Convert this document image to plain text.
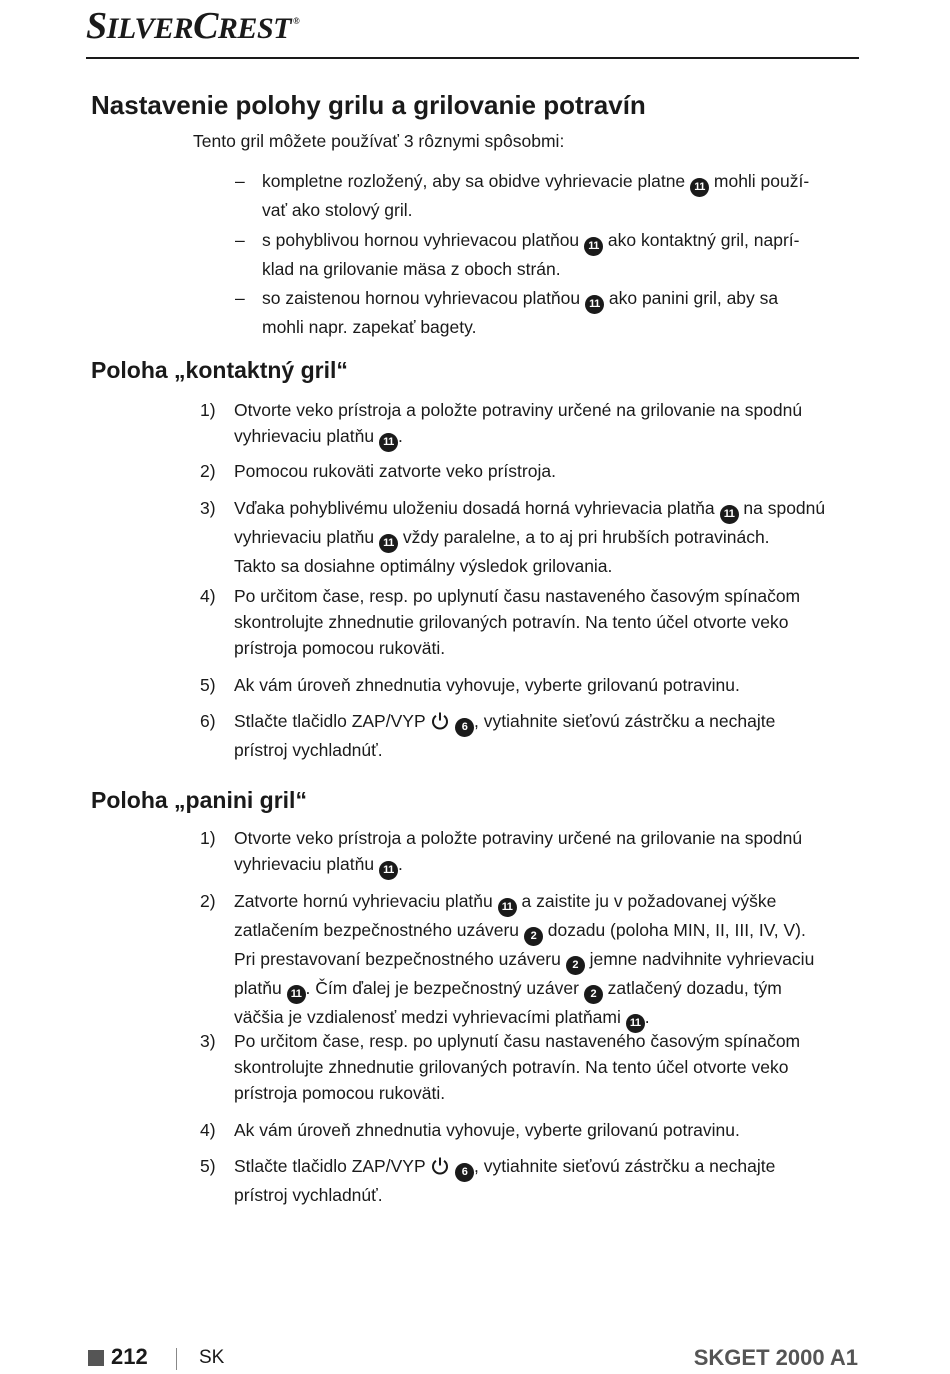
SILVERCREST ®
Nastavenie polohy grilu a grilovanie potravín
Tento gril môžete používať 3 rôznymi spôsobmi:
– kompletne rozložený, aby sa obidve vyhrievacie platne 11 mohli použí-
vať ako stolový gril.
– s pohyblivou hornou vyhrievacou platňou 11 ako kontaktný gril, naprí-
klad na grilovanie mäsa z oboch strán.
– so zaistenou hornou vyhrievacou platňou 11 ako panini gril, aby sa
mohli napr. zapekať bagety.
Poloha „kontaktný gril“
1) Otvorte veko prístroja a položte potraviny určené na grilovanie na spodnú
vyhrievaciu platňu 11 .
2) Pomocou rukoväti zatvorte veko prístroja.
3) Vďaka pohyblivému uloženiu dosadá horná vyhrievacia platňa 11 na spodnú
vyhrievaciu platňu 11 vždy paralelne, a to aj pri hrubších potravinách.
Takto sa dosiahne optimálny výsledok grilovania.
4) Po určitom čase, resp. po uplynutí času nastaveného časovým spínačom
skontrolujte zhnednutie grilovaných potravín. Na tento účel otvorte veko
prístroja pomocou rukoväti.
5) Ak vám úroveň zhnednutia vyhovuje, vyberte grilovanú potravinu.
6) Stlačte tlačidlo ZAP/VYP	6 , vytiahnite sieťovú zástrčku a nechajte
prístroj vychladnúť.
Poloha „panini gril“
1) Otvorte veko prístroja a položte potraviny určené na grilovanie na spodnú
vyhrievaciu platňu 11 .
2) Zatvorte hornú vyhrievaciu platňu 11 a zaistite ju v požadovanej výške
zatlačením bezpečnostného uzáveru 2 dozadu (poloha MIN, II, III, IV, V).
Pri prestavovaní bezpečnostného uzáveru 2 jemne nadvihnite vyhrievaciu
platňu 11 . Čím ďalej je bezpečnostný uzáver 2 zatlačený dozadu, tým
väčšia je vzdialenosť medzi vyhrievacími platňami 11 .
3) Po určitom čase, resp. po uplynutí času nastaveného časovým spínačom
skontrolujte zhnednutie grilovaných potravín. Na tento účel otvorte veko
prístroja pomocou rukoväti.
4) Ak vám úroveň zhnednutia vyhovuje, vyberte grilovanú potravinu.
5) Stlačte tlačidlo ZAP/VYP	6 , vytiahnite sieťovú zástrčku a nechajte
prístroj vychladnúť.
212	SK	SKGET 2000 A1
